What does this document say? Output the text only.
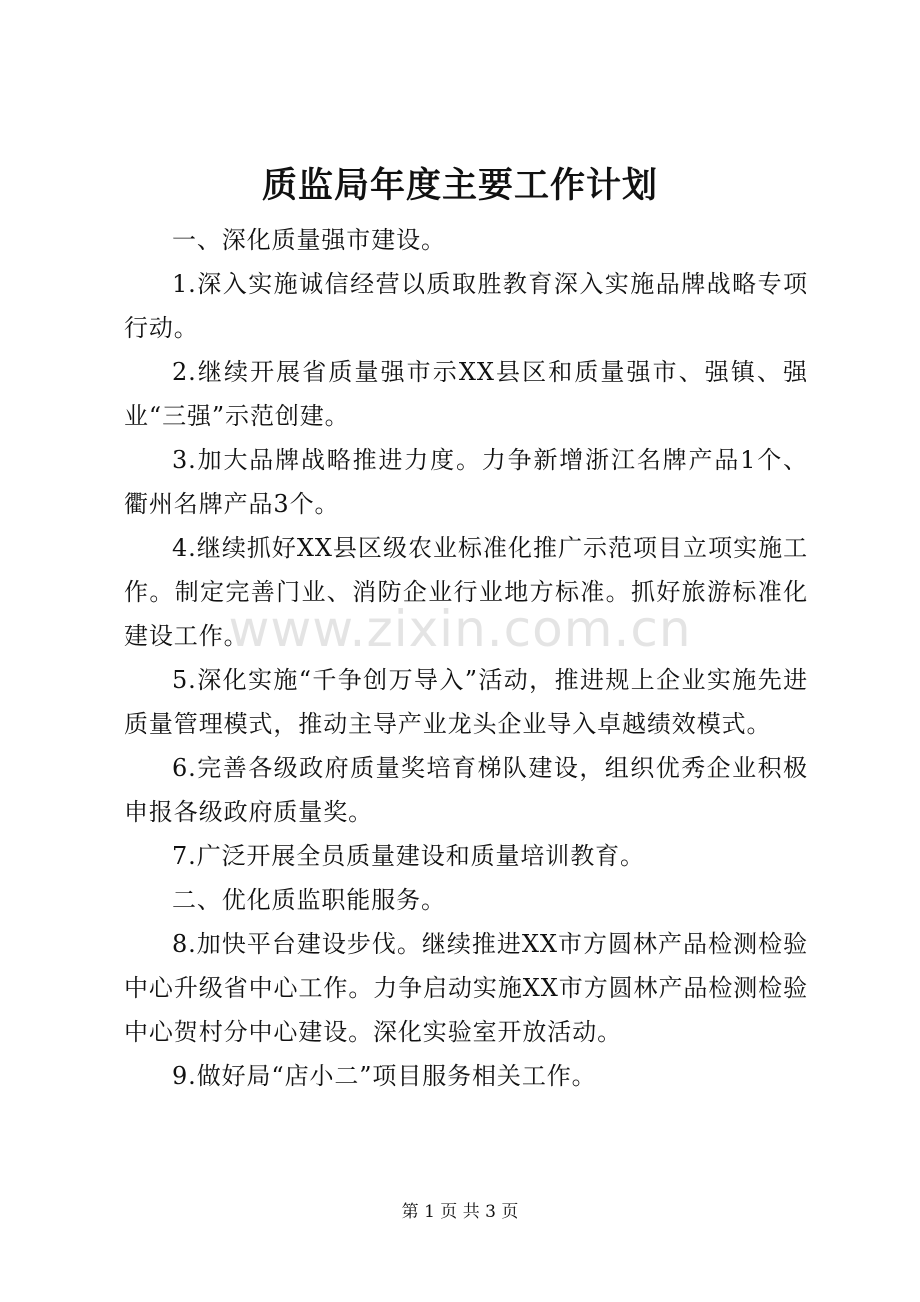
质监局年度主要工作计划

一、深化质量强市建设。

1.深入实施诚信经营以质取胜教育深入实施品牌战略专项行动。

2.继续开展省质量强市示XX县区和质量强市、强镇、强业“三强”示范创建。

3.加大品牌战略推进力度。力争新增浙江名牌产品1个、衢州名牌产品3个。

4.继续抓好XX县区级农业标准化推广示范项目立项实施工作。制定完善门业、消防企业行业地方标准。抓好旅游标准化建设工作。

5.深化实施“千争创万导入”活动，推进规上企业实施先进质量管理模式，推动主导产业龙头企业导入卓越绩效模式。

6.完善各级政府质量奖培育梯队建设，组织优秀企业积极申报各级政府质量奖。

7.广泛开展全员质量建设和质量培训教育。

二、优化质监职能服务。

8.加快平台建设步伐。继续推进XX市方圆林产品检测检验中心升级省中心工作。力争启动实施XX市方圆林产品检测检验中心贺村分中心建设。深化实验室开放活动。

9.做好局“店小二”项目服务相关工作。

www.zixin.com.cn
第 1 页 共 3 页
